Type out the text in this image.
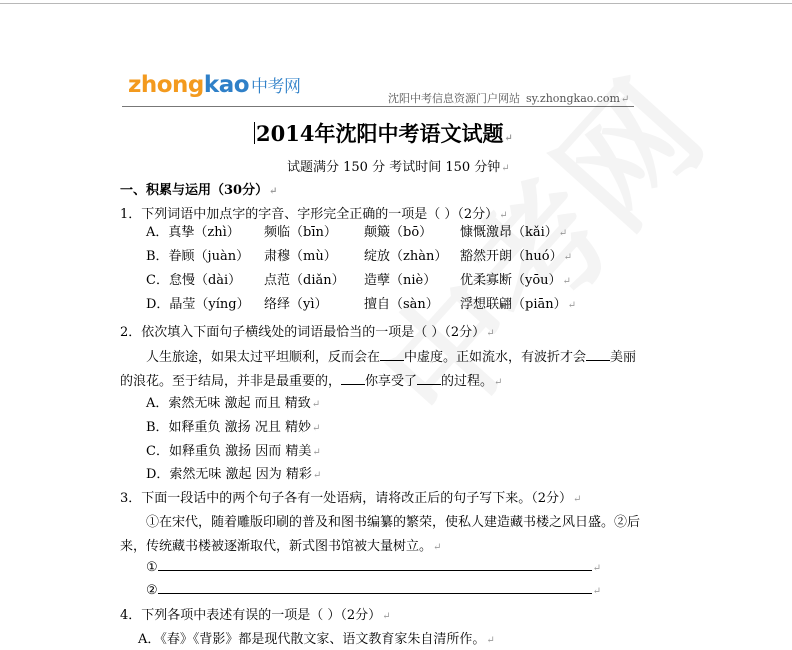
zhongkao 中考网
沈阳中考信息资源门户网站 sy.zhongkao.com↵
2014年沈阳中考语文试题↵
试题满分 150 分 考试时间 150 分钟↵
一、积累与运用（30分）↵
1．下列词语中加点字的字音、字形完全正确的一项是（ ）（2分）↵
A．真挚（zhì） 频临（bīn） 颠簸（bō） 慷慨激昂（kǎi）↵
B．眷顾（juàn） 肃穆（mù） 绽放（zhàn） 豁然开朗（huó）↵
C．怠慢（dài） 点范（diǎn） 造孽（niè） 优柔寡断（yōu）↵
D．晶莹（yíng） 络绎（yì）	擅自（sàn） 浮想联翩（piān）↵
2．依次填入下面句子横线处的词语最恰当的一项是（ ）（2分）↵
人生旅途，如果太过平坦顺利，反而会在 中虚度。正如流水，有波折才会 美丽
的浪花。至于结局，并非是最重要的， 你享受了 的过程。↵
A．索然无味 激起 而且 精致↵
B．如释重负 激扬 况且 精妙↵
C．如释重负 激扬 因而 精美↵
D．索然无味 激起 因为 精彩↵
3．下面一段话中的两个句子各有一处语病，请将改正后的句子写下来。（2分）↵
①在宋代，随着雕版印刷的普及和图书编纂的繁荣，使私人建造藏书楼之风日盛。②后
来，传统藏书楼被逐渐取代，新式图书馆被大量树立。↵
①	↵
②	↵
4．下列各项中表述有误的一项是（ ）（2分）↵
A．《春》《背影》都是现代散文家、语文教育家朱自清所作。↵
